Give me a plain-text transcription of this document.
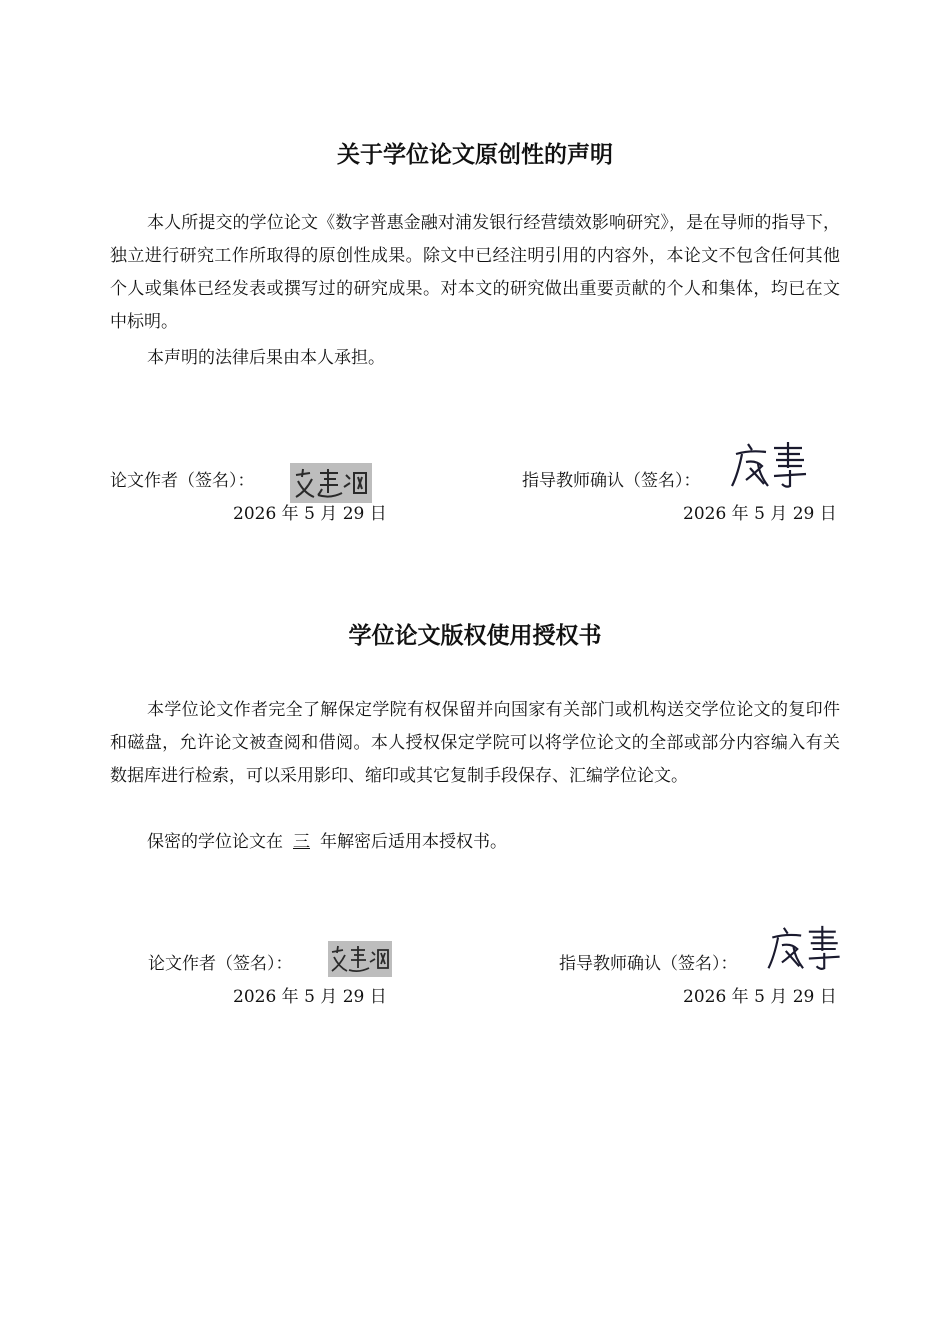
关于学位论文原创性的声明

本人所提交的学位论文《数字普惠金融对浦发银行经营绩效影响研究》，是在导师的指导下，独立进行研究工作所取得的原创性成果。除文中已经注明引用的内容外，本论文不包含任何其他个人或集体已经发表或撰写过的研究成果。对本文的研究做出重要贡献的个人和集体，均已在文中标明。

本声明的法律后果由本人承担。

论文作者（签名）：
2026 年 5 月 29 日
指导教师确认（签名）：
2026 年 5 月 29 日
学位论文版权使用授权书

本学位论文作者完全了解保定学院有权保留并向国家有关部门或机构送交学位论文的复印件和磁盘，允许论文被查阅和借阅。本人授权保定学院可以将学位论文的全部或部分内容编入有关数据库进行检索，可以采用影印、缩印或其它复制手段保存、汇编学位论文。

保密的学位论文在 三 年解密后适用本授权书。

论文作者（签名）：
2026 年 5 月 29 日
指导教师确认（签名）：
2026 年 5 月 29 日
